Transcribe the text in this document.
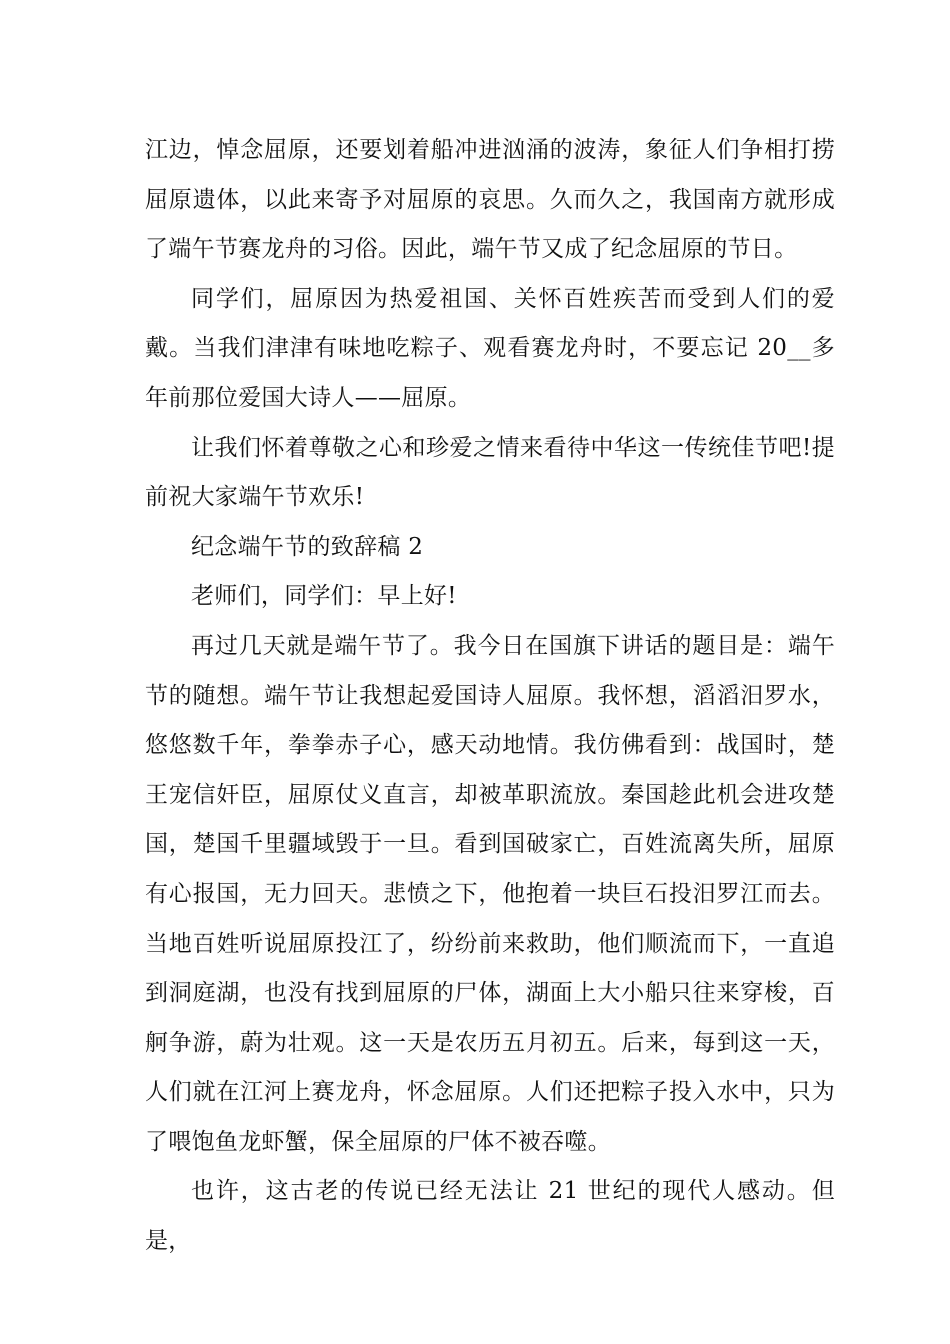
江边，悼念屈原，还要划着船冲进汹涌的波涛，象征人们争相打捞屈原遗体，以此来寄予对屈原的哀思。久而久之，我国南方就形成了端午节赛龙舟的习俗。因此，端午节又成了纪念屈原的节日。

同学们，屈原因为热爱祖国、关怀百姓疾苦而受到人们的爱戴。当我们津津有味地吃粽子、观看赛龙舟时，不要忘记 20__多年前那位爱国大诗人——屈原。

让我们怀着尊敬之心和珍爱之情来看待中华这一传统佳节吧!提前祝大家端午节欢乐!

纪念端午节的致辞稿 2

老师们，同学们：早上好!

再过几天就是端午节了。我今日在国旗下讲话的题目是：端午节的随想。端午节让我想起爱国诗人屈原。我怀想，滔滔汨罗水，悠悠数千年，拳拳赤子心，感天动地情。我仿佛看到：战国时，楚王宠信奸臣，屈原仗义直言，却被革职流放。秦国趁此机会进攻楚国，楚国千里疆域毁于一旦。看到国破家亡，百姓流离失所，屈原有心报国，无力回天。悲愤之下，他抱着一块巨石投汨罗江而去。当地百姓听说屈原投江了，纷纷前来救助，他们顺流而下，一直追到洞庭湖，也没有找到屈原的尸体，湖面上大小船只往来穿梭，百舸争游，蔚为壮观。这一天是农历五月初五。后来，每到这一天，人们就在江河上赛龙舟，怀念屈原。人们还把粽子投入水中，只为了喂饱鱼龙虾蟹，保全屈原的尸体不被吞噬。

也许，这古老的传说已经无法让 21 世纪的现代人感动。但是，
